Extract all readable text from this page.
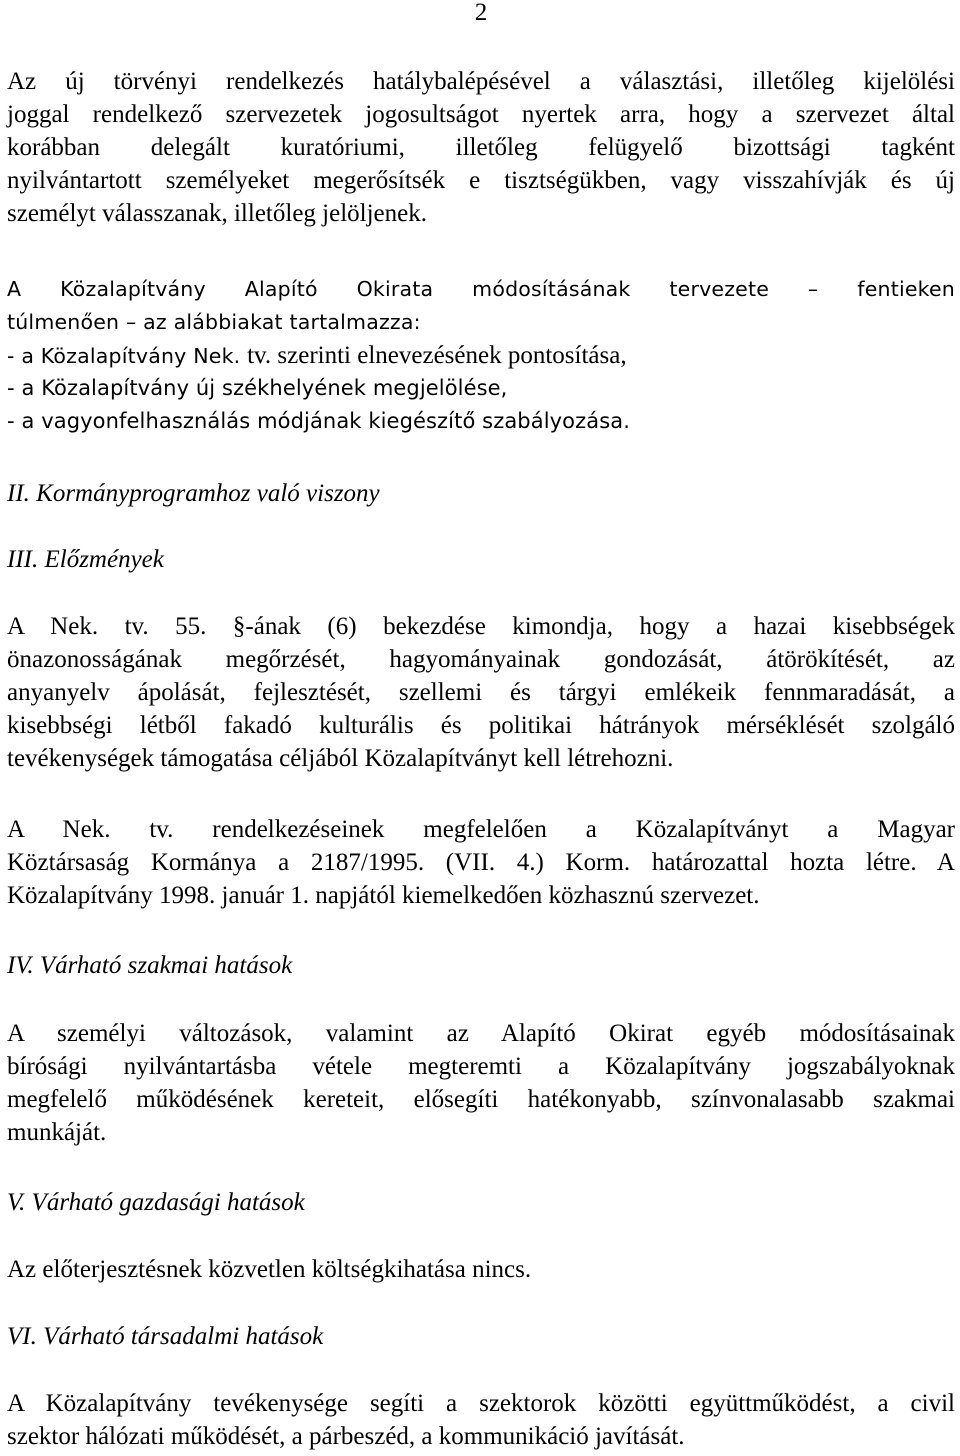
2
Az új törvényi rendelkezés hatálybalépésével a választási, illetőleg kijelölési
joggal rendelkező szervezetek jogosultságot nyertek arra, hogy a szervezet által
korábban delegált kuratóriumi, illetőleg felügyelő bizottsági tagként
nyilvántartott személyeket megerősítsék e tisztségükben, vagy visszahívják és új
személyt válasszanak, illetőleg jelöljenek.
A Közalapítvány Alapító Okirata módosításának tervezete – fentieken
túlmenően – az alábbiakat tartalmazza:
- a Közalapítvány Nek. tv. szerinti elnevezésének pontosítása,
- a Közalapítvány új székhelyének megjelölése,
- a vagyonfelhasználás módjának kiegészítő szabályozása.
II. Kormányprogramhoz való viszony
III. Előzmények
A Nek. tv. 55. §-ának (6) bekezdése kimondja, hogy a hazai kisebbségek
önazonosságának megőrzését, hagyományainak gondozását, átörökítését, az
anyanyelv ápolását, fejlesztését, szellemi és tárgyi emlékeik fennmaradását, a
kisebbségi létből fakadó kulturális és politikai hátrányok mérséklését szolgáló
tevékenységek támogatása céljából Közalapítványt kell létrehozni.
A Nek. tv. rendelkezéseinek megfelelően a Közalapítványt a Magyar
Köztársaság Kormánya a 2187/1995. (VII. 4.) Korm. határozattal hozta létre. A
Közalapítvány 1998. január 1. napjától kiemelkedően közhasznú szervezet.
IV. Várható szakmai hatások
A személyi változások, valamint az Alapító Okirat egyéb módosításainak
bírósági nyilvántartásba vétele megteremti a Közalapítvány jogszabályoknak
megfelelő működésének kereteit, elősegíti hatékonyabb, színvonalasabb szakmai
munkáját.
V. Várható gazdasági hatások
Az előterjesztésnek közvetlen költségkihatása nincs.
VI. Várható társadalmi hatások
A Közalapítvány tevékenysége segíti a szektorok közötti együttműködést, a civil
szektor hálózati működését, a párbeszéd, a kommunikáció javítását.
